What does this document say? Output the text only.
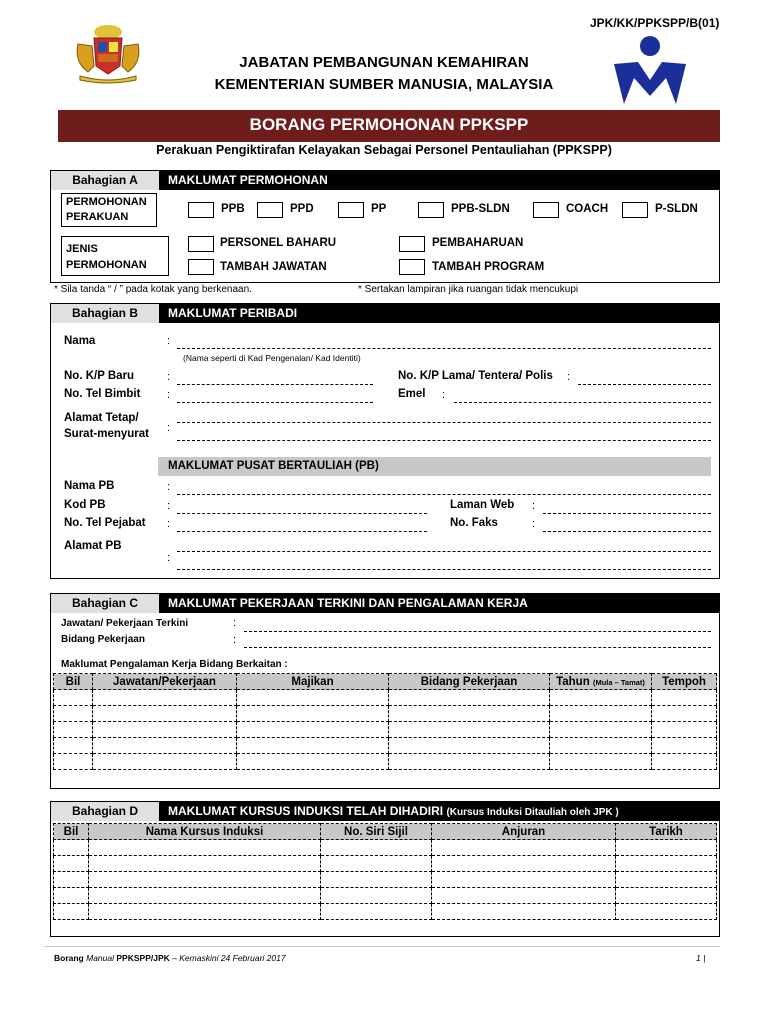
JPK/KK/PPKSPP/B(01)
JABATAN PEMBANGUNAN KEMAHIRAN
KEMENTERIAN SUMBER MANUSIA, MALAYSIA
BORANG PERMOHONAN PPKSPP
Perakuan Pengiktirafan Kelayakan Sebagai Personel Pentauliahan (PPKSPP)
Bahagian A	MAKLUMAT PERMOHONAN
PERMOHONAN
PERAKUAN
PPB	PPD	PP	PPB-SLDN	COACH	P-SLDN
JENIS
PERMOHONAN
PERSONEL BAHARU	PEMBAHARUAN
TAMBAH JAWATAN	TAMBAH PROGRAM
* Sila tanda “ / ” pada kotak yang berkenaan.	* Sertakan lampiran jika ruangan tidak mencukupi
Bahagian B	MAKLUMAT PERIBADI
Nama	:
(Nama seperti di Kad Pengenalan/ Kad Identiti)
No. K/P Baru	:	No. K/P Lama/ Tentera/ Polis :
No. Tel Bimbit :	Emel :
Alamat Tetap/
Surat-menyurat :
MAKLUMAT PUSAT BERTAULIAH (PB)
Nama PB	:
Kod PB	:	Laman Web :
No. Tel Pejabat :	No. Faks	:
Alamat PB
:
Bahagian C	MAKLUMAT PEKERJAAN TERKINI DAN PENGALAMAN KERJA
Jawatan/ Pekerjaan Terkini	:
Bidang Pekerjaan	:
Maklumat Pengalaman Kerja Bidang Berkaitan :
Bil	Jawatan/Pekerjaan	Majikan	Bidang Pekerjaan	Tahun (Mula – Tamat)	Tempoh

Bahagian D	MAKLUMAT KURSUS INDUKSI TELAH DIHADIRI (Kursus Induksi Ditauliah oleh JPK )
Bil	Nama Kursus Induksi	No. Siri Sijil	Anjuran	Tarikh

Borang Manual PPKSPP/JPK – Kemaskini 24 Februari 2017	1 |
